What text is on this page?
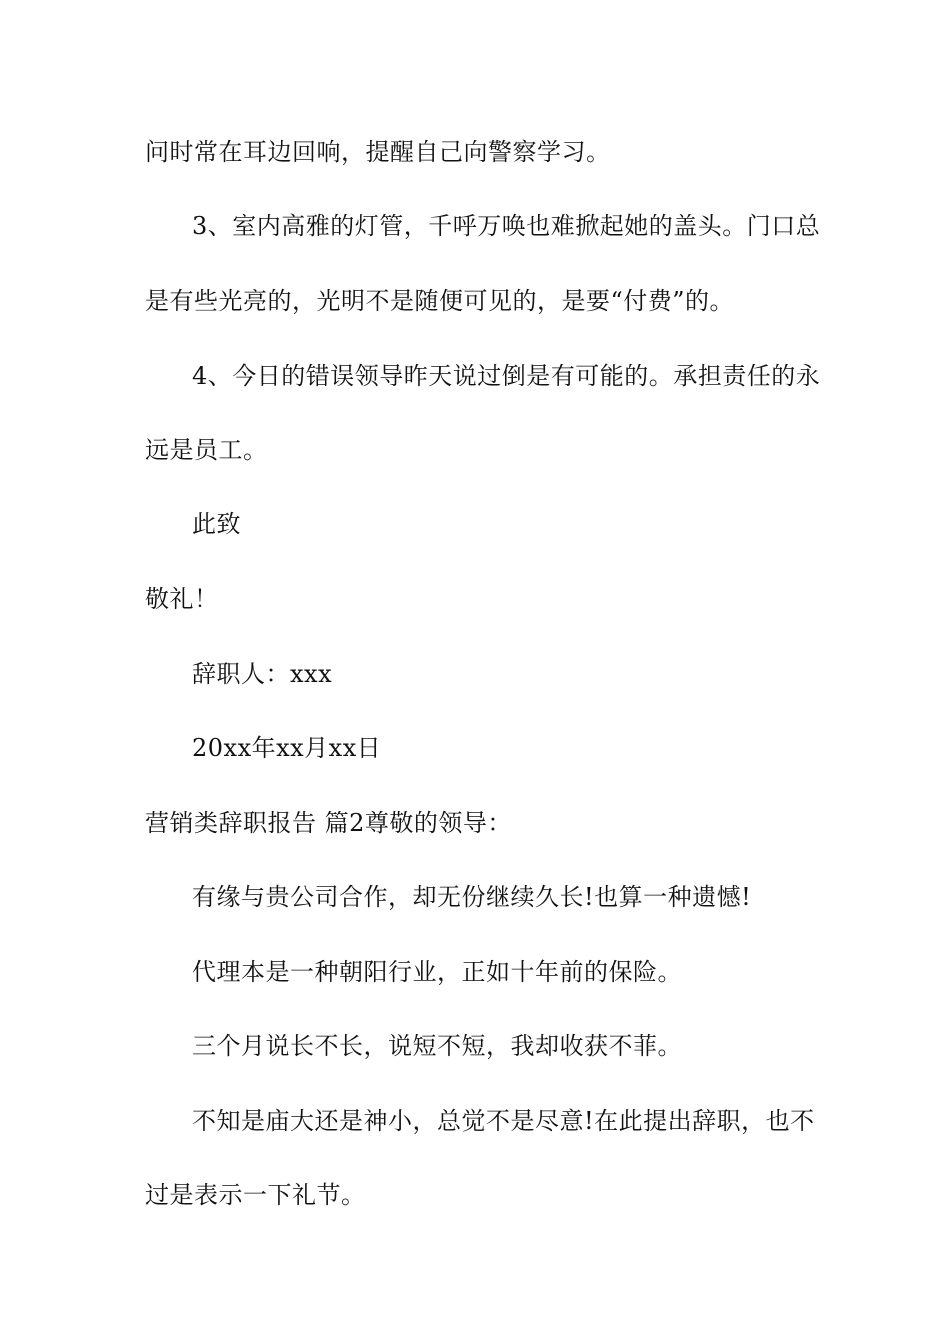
问时常在耳边回响，提醒自己向警察学习。
3、室内高雅的灯管，千呼万唤也难掀起她的盖头。门口总
是有些光亮的，光明不是随便可见的，是要“付费”的。
4、今日的错误领导昨天说过倒是有可能的。承担责任的永
远是员工。
此致
敬礼！
辞职人：xxx
20xx年xx月xx日
营销类辞职报告 篇2尊敬的领导：
有缘与贵公司合作，却无份继续久长!也算一种遗憾!
代理本是一种朝阳行业，正如十年前的保险。
三个月说长不长，说短不短，我却收获不菲。
不知是庙大还是神小，总觉不是尽意!在此提出辞职，也不
过是表示一下礼节。
